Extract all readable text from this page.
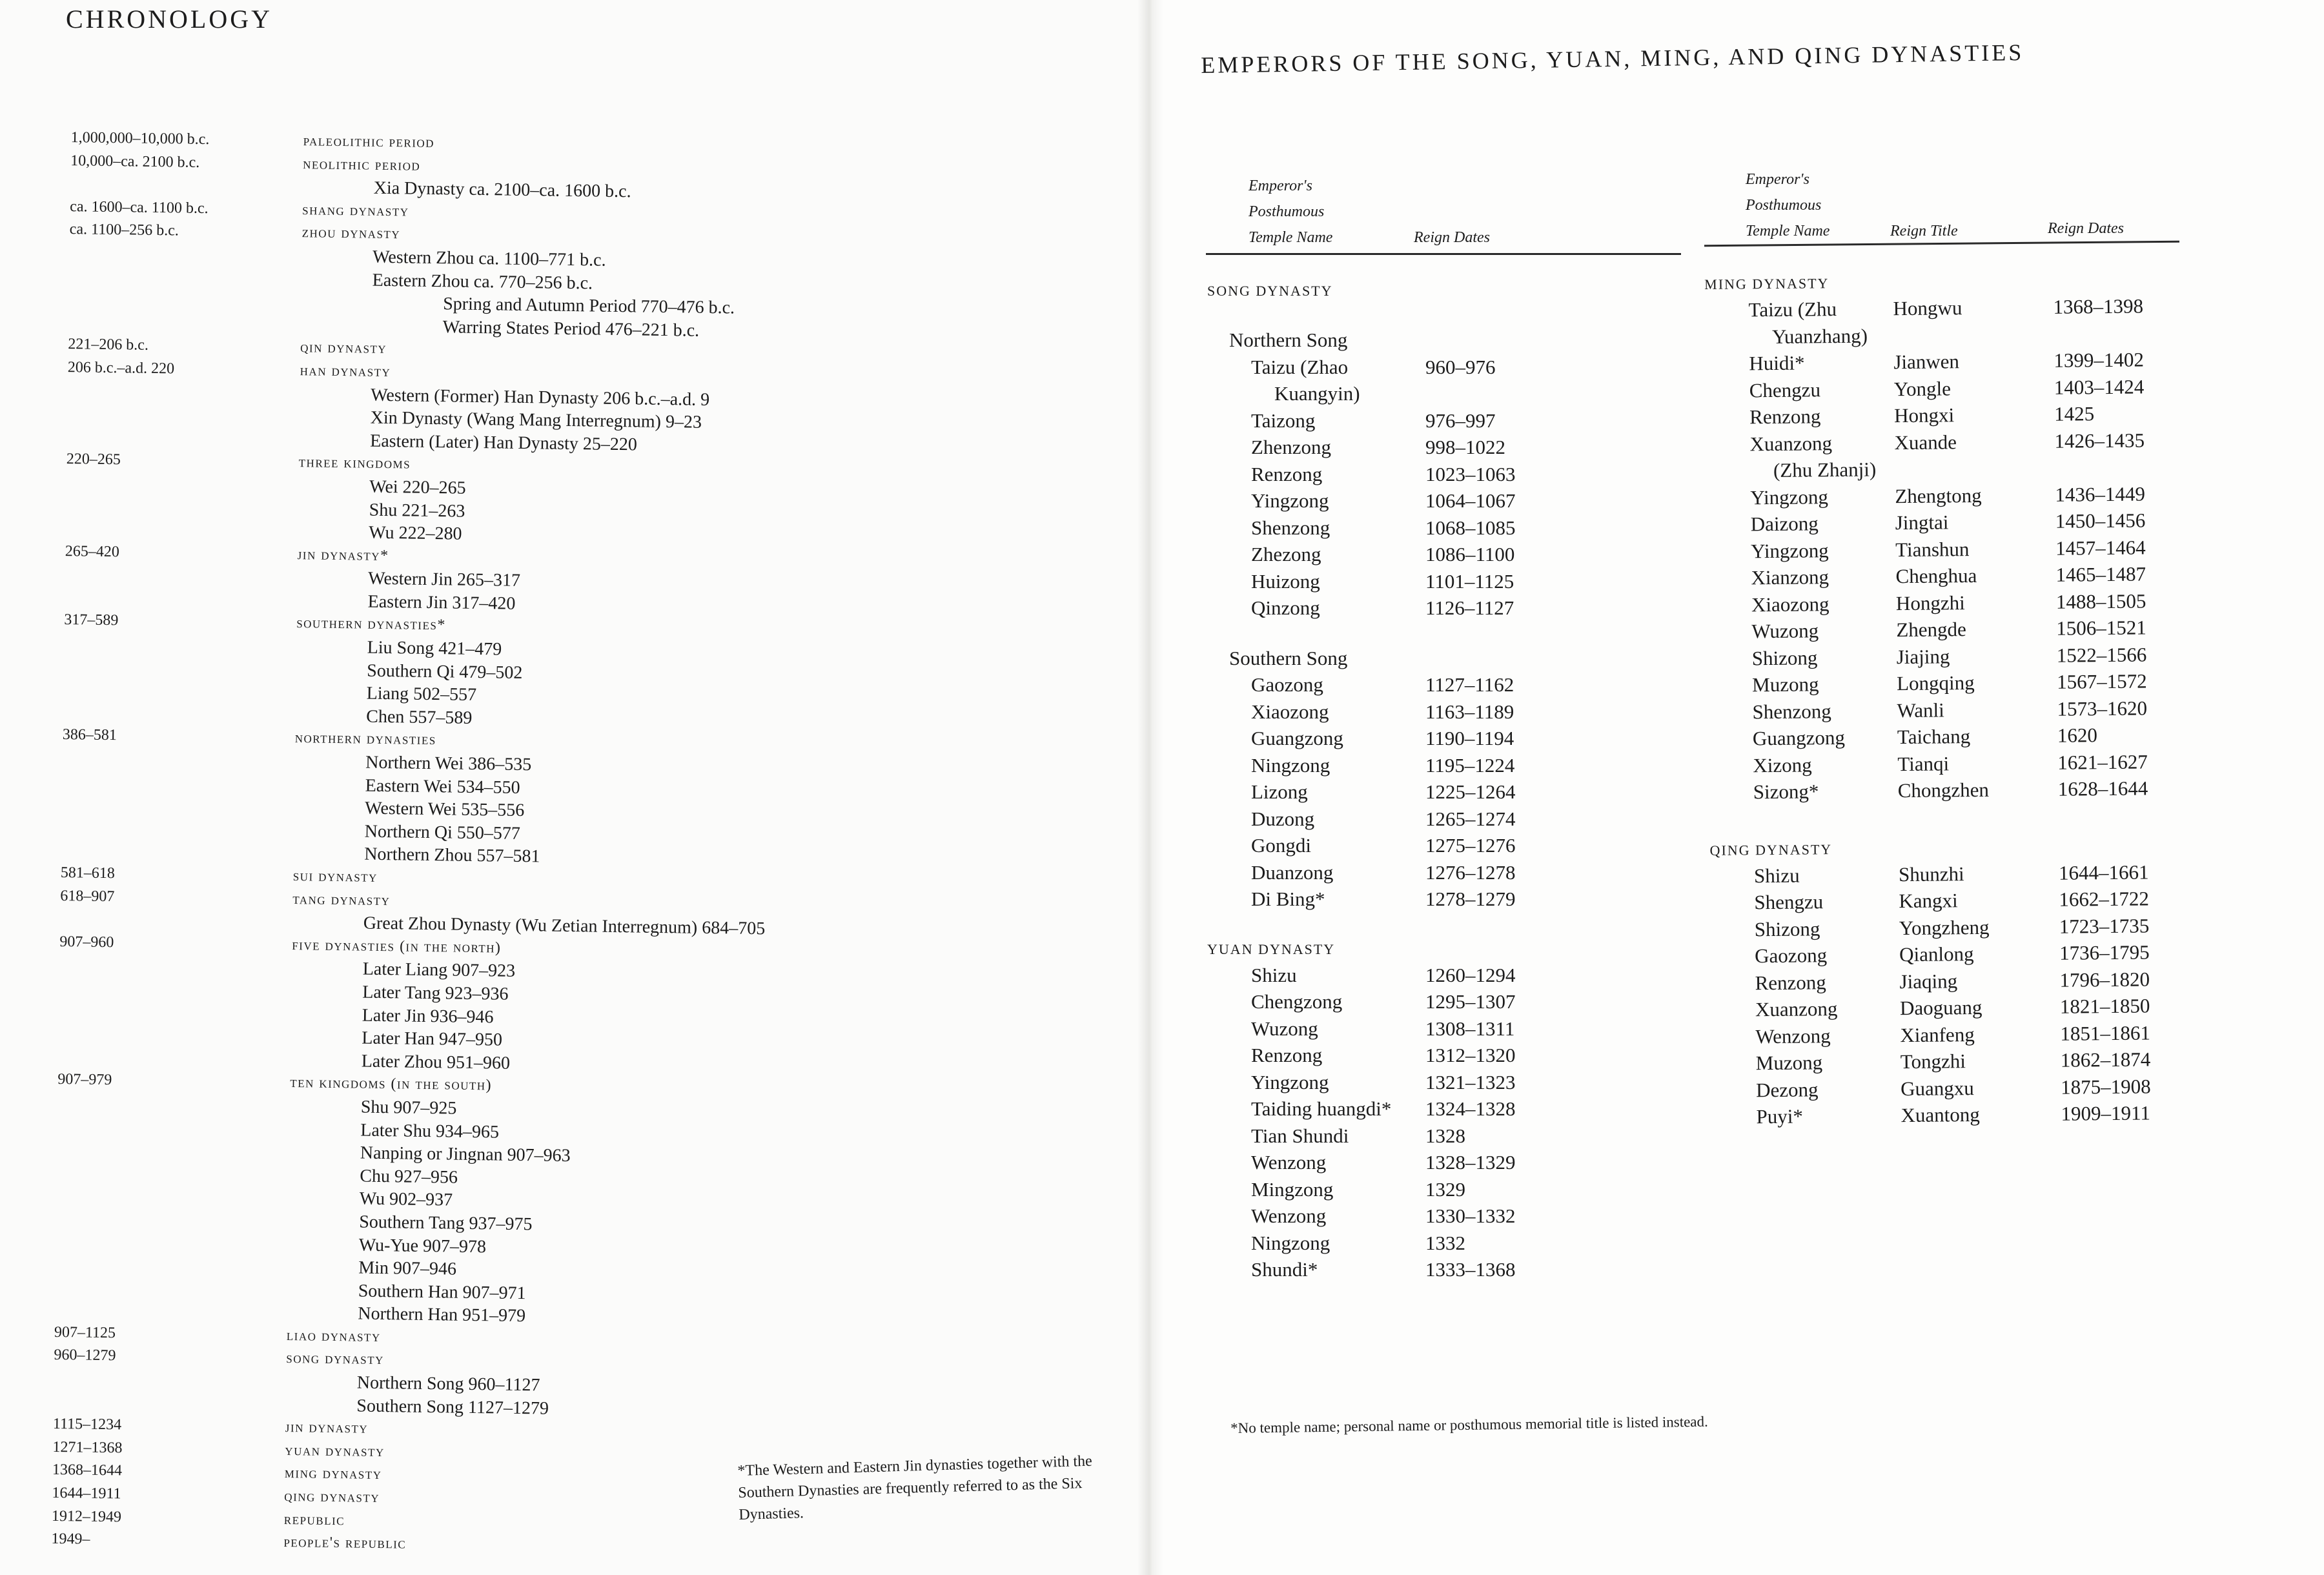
CHRONOLOGY
1,000,000–10,000 b.c.	paleolithic period
10,000–ca. 2100 b.c.	neolithic period
Xia Dynasty ca. 2100–ca. 1600 b.c.
ca. 1600–ca. 1100 b.c.	shang dynasty
ca. 1100–256 b.c.	zhou dynasty
Western Zhou ca. 1100–771 b.c.
Eastern Zhou ca. 770–256 b.c.
Spring and Autumn Period 770–476 b.c.
Warring States Period 476–221 b.c.
221–206 b.c.	qin dynasty
206 b.c.–a.d. 220	han dynasty
Western (Former) Han Dynasty 206 b.c.–a.d. 9
Xin Dynasty (Wang Mang Interregnum) 9–23
Eastern (Later) Han Dynasty 25–220
220–265	three kingdoms
Wei 220–265
Shu 221–263
Wu 222–280
265–420	jin dynasty*
Western Jin 265–317
Eastern Jin 317–420
317–589	southern dynasties*
Liu Song 421–479
Southern Qi 479–502
Liang 502–557
Chen 557–589
386–581	northern dynasties
Northern Wei 386–535
Eastern Wei 534–550
Western Wei 535–556
Northern Qi 550–577
Northern Zhou 557–581
581–618	sui dynasty
618–907	tang dynasty
Great Zhou Dynasty (Wu Zetian Interregnum) 684–705
907–960	five dynasties (in the north)
Later Liang 907–923
Later Tang 923–936
Later Jin 936–946
Later Han 947–950
Later Zhou 951–960
907–979	ten kingdoms (in the south)
Shu 907–925
Later Shu 934–965
Nanping or Jingnan 907–963
Chu 927–956
Wu 902–937
Southern Tang 937–975
Wu-Yue 907–978
Min 907–946
Southern Han 907–971
Northern Han 951–979
907–1125	liao dynasty
960–1279	song dynasty
Northern Song 960–1127
Southern Song 1127–1279
1115–1234	jin dynasty
1271–1368	yuan dynasty
1368–1644	ming dynasty
1644–1911	qing dynasty
1912–1949	republic
1949–	people's republic
*The Western and Eastern Jin dynasties together with the Southern Dynasties are frequently referred to as the Six Dynasties.
EMPERORS OF THE SONG, YUAN, MING, AND QING DYNASTIES
Emperor's
Posthumous
Temple Name	Reign Dates
SONG DYNASTY
Northern Song
Taizu (Zhao	960–976
Kuangyin)
Taizong	976–997
Zhenzong	998–1022
Renzong	1023–1063
Yingzong	1064–1067
Shenzong	1068–1085
Zhezong	1086–1100
Huizong	1101–1125
Qinzong	1126–1127
Southern Song
Gaozong	1127–1162
Xiaozong	1163–1189
Guangzong	1190–1194
Ningzong	1195–1224
Lizong	1225–1264
Duzong	1265–1274
Gongdi	1275–1276
Duanzong	1276–1278
Di Bing*	1278–1279
YUAN DYNASTY
Shizu	1260–1294
Chengzong	1295–1307
Wuzong	1308–1311
Renzong	1312–1320
Yingzong	1321–1323
Taiding huangdi* 1324–1328
Tian Shundi	1328
Wenzong	1328–1329
Mingzong	1329
Wenzong	1330–1332
Ningzong	1332
Shundi*	1333–1368
Emperor's
Posthumous
Temple Name	Reign Title	Reign Dates
MING DYNASTY
Taizu (Zhu	Hongwu	1368–1398
Yuanzhang)
Huidi*	Jianwen	1399–1402
Chengzu	Yongle	1403–1424
Renzong	Hongxi	1425
Xuanzong	Xuande	1426–1435
(Zhu Zhanji)
Yingzong	Zhengtong	1436–1449
Daizong	Jingtai	1450–1456
Yingzong	Tianshun	1457–1464
Xianzong	Chenghua	1465–1487
Xiaozong	Hongzhi	1488–1505
Wuzong	Zhengde	1506–1521
Shizong	Jiajing	1522–1566
Muzong	Longqing	1567–1572
Shenzong	Wanli	1573–1620
Guangzong	Taichang	1620
Xizong	Tianqi	1621–1627
Sizong*	Chongzhen	1628–1644
QING DYNASTY
Shizu	Shunzhi	1644–1661
Shengzu	Kangxi	1662–1722
Shizong	Yongzheng	1723–1735
Gaozong	Qianlong	1736–1795
Renzong	Jiaqing	1796–1820
Xuanzong	Daoguang	1821–1850
Wenzong	Xianfeng	1851–1861
Muzong	Tongzhi	1862–1874
Dezong	Guangxu	1875–1908
Puyi*	Xuantong	1909–1911
*No temple name; personal name or posthumous memorial title is listed instead.
